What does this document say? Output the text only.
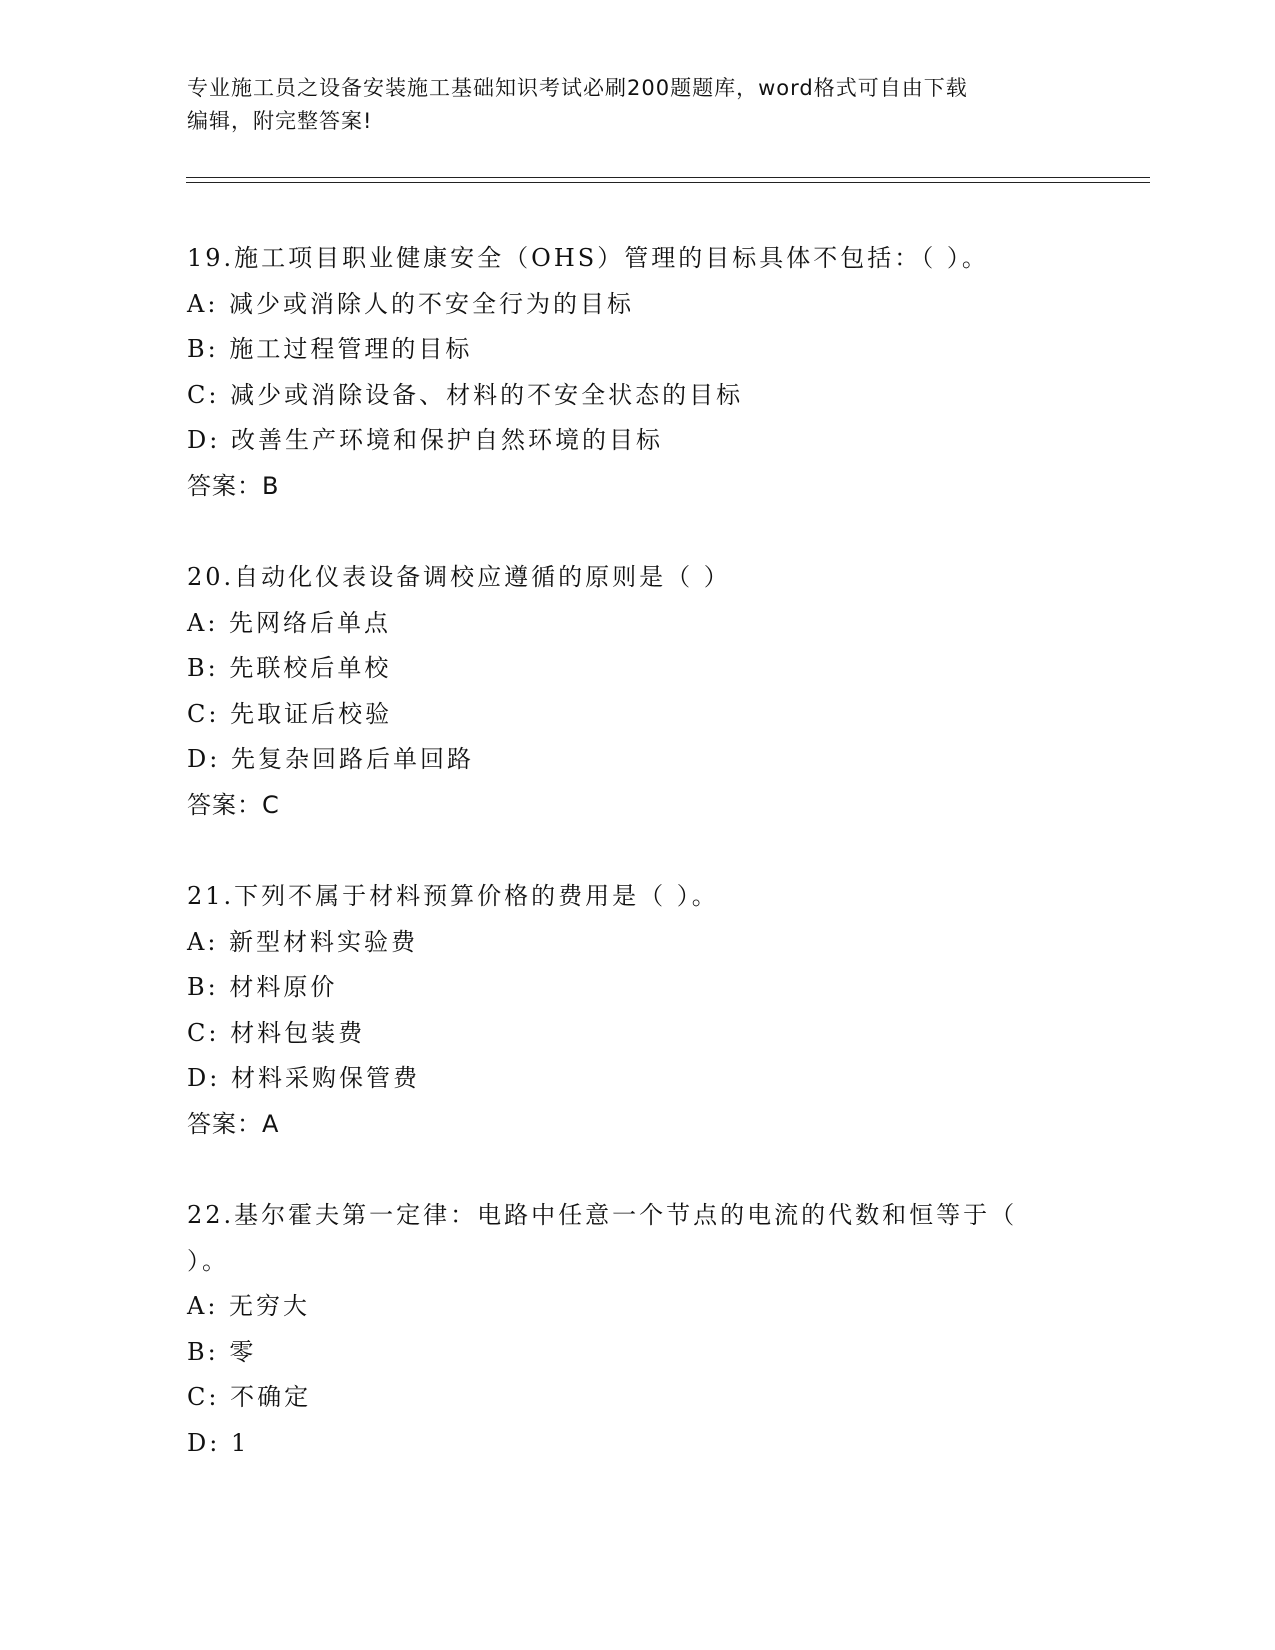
专业施工员之设备安装施工基础知识考试必刷200题题库，word格式可自由下载
编辑，附完整答案!
19.施工项目职业健康安全（OHS）管理的目标具体不包括：（ ）。
A: 减少或消除人的不安全行为的目标
B: 施工过程管理的目标
C: 减少或消除设备、材料的不安全状态的目标
D: 改善生产环境和保护自然环境的目标
答案：B
20.自动化仪表设备调校应遵循的原则是（ ）
A: 先网络后单点
B: 先联校后单校
C: 先取证后校验
D: 先复杂回路后单回路
答案：C
21.下列不属于材料预算价格的费用是（ ）。
A: 新型材料实验费
B: 材料原价
C: 材料包装费
D: 材料采购保管费
答案：A
22.基尔霍夫第一定律：电路中任意一个节点的电流的代数和恒等于（
）。
A: 无穷大
B: 零
C: 不确定
D: 1
